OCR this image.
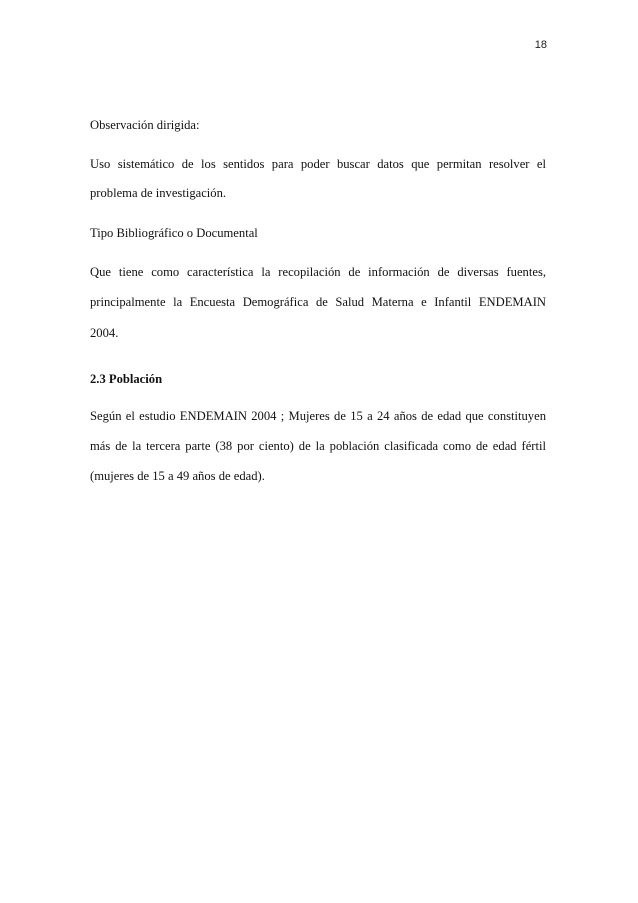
18

Observación dirigida:

Uso sistemático de los sentidos para poder buscar datos que permitan resolver el

problema de investigación.

Tipo Bibliográfico o Documental

Que tiene como característica la recopilación de información de diversas fuentes,

principalmente la Encuesta Demográfica de Salud Materna e Infantil ENDEMAIN

2004.

2.3 Población

Según el estudio ENDEMAIN 2004 ; Mujeres de 15 a 24 años de edad que constituyen

más de la tercera parte (38 por ciento) de la población clasificada como de edad fértil

(mujeres de 15 a 49 años de edad).
